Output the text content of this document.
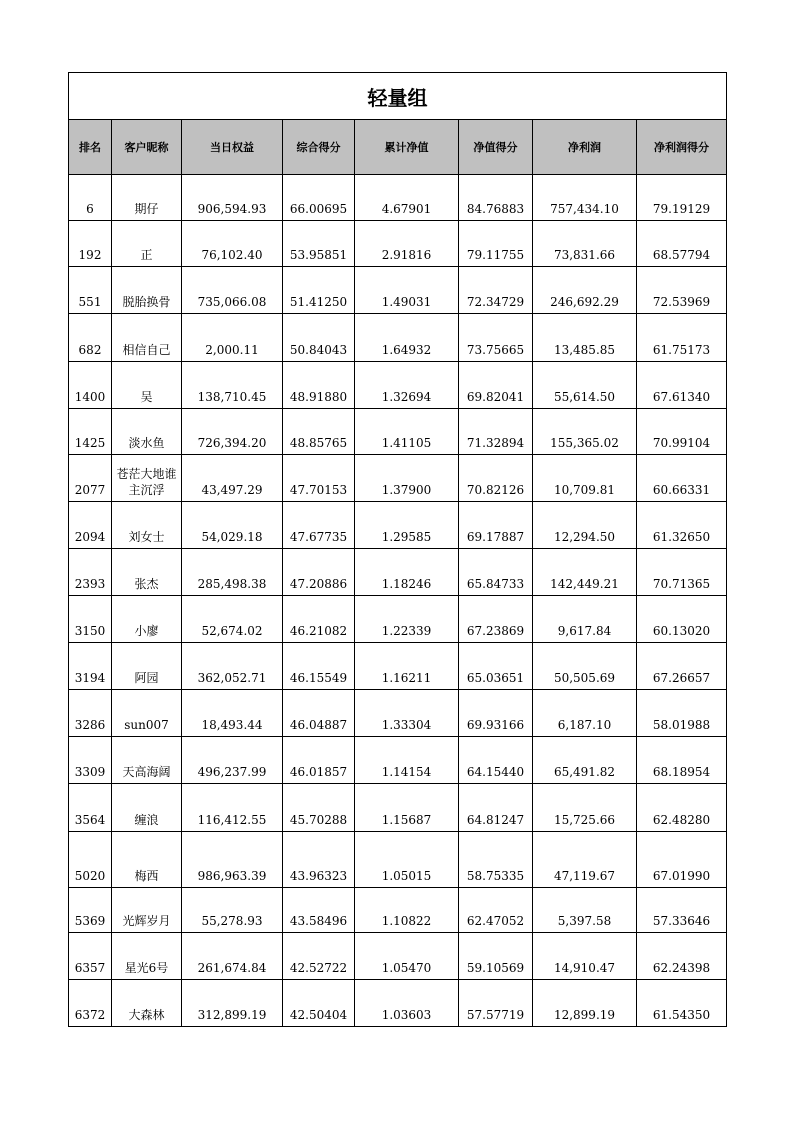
轻量组							
排名	客户昵称	当日权益	综合得分	累计净值	净值得分	净利润	净利润得分
6	期仔	906,594.93	66.00695	4.67901	84.76883	757,434.10	79.19129
192	正	76,102.40	53.95851	2.91816	79.11755	73,831.66	68.57794
551	脱胎换骨	735,066.08	51.41250	1.49031	72.34729	246,692.29	72.53969
682	相信自己	2,000.11	50.84043	1.64932	73.75665	13,485.85	61.75173
1400	吴	138,710.45	48.91880	1.32694	69.82041	55,614.50	67.61340
1425	淡水鱼	726,394.20	48.85765	1.41105	71.32894	155,365.02	70.99104
2077	苍茫大地谁主沉浮	43,497.29	47.70153	1.37900	70.82126	10,709.81	60.66331
2094	刘女士	54,029.18	47.67735	1.29585	69.17887	12,294.50	61.32650
2393	张杰	285,498.38	47.20886	1.18246	65.84733	142,449.21	70.71365
3150	小廖	52,674.02	46.21082	1.22339	67.23869	9,617.84	60.13020
3194	阿园	362,052.71	46.15549	1.16211	65.03651	50,505.69	67.26657
3286	sun007	18,493.44	46.04887	1.33304	69.93166	6,187.10	58.01988
3309	天高海阔	496,237.99	46.01857	1.14154	64.15440	65,491.82	68.18954
3564	缠浪	116,412.55	45.70288	1.15687	64.81247	15,725.66	62.48280
5020	梅西	986,963.39	43.96323	1.05015	58.75335	47,119.67	67.01990
5369	光辉岁月	55,278.93	43.58496	1.10822	62.47052	5,397.58	57.33646
6357	星光6号	261,674.84	42.52722	1.05470	59.10569	14,910.47	62.24398
6372	大森林	312,899.19	42.50404	1.03603	57.57719	12,899.19	61.54350
